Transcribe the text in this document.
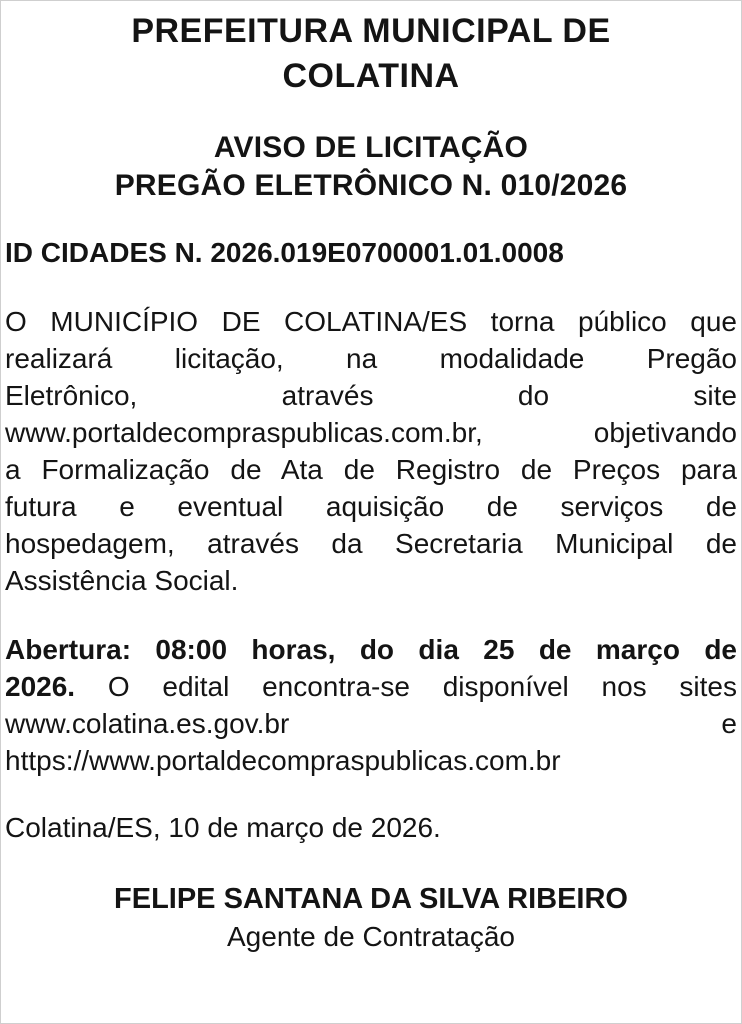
PREFEITURA MUNICIPAL DE
COLATINA
AVISO DE LICITAÇÃO
PREGÃO ELETRÔNICO N. 010/2026
ID CIDADES N. 2026.019E0700001.01.0008
O MUNICÍPIO DE COLATINA/ES torna público que
realizará licitação, na modalidade Pregão
Eletrônico, através do site
www.portaldecompraspublicas.com.br, objetivando
a Formalização de Ata de Registro de Preços para
futura e eventual aquisição de serviços de
hospedagem, através da Secretaria Municipal de
Assistência Social.
Abertura: 08:00 horas, do dia 25 de março de
2026. O edital encontra-se disponível nos sites
www.colatina.es.gov.br e
https://www.portaldecompraspublicas.com.br
Colatina/ES, 10 de março de 2026.
FELIPE SANTANA DA SILVA RIBEIRO
Agente de Contratação
